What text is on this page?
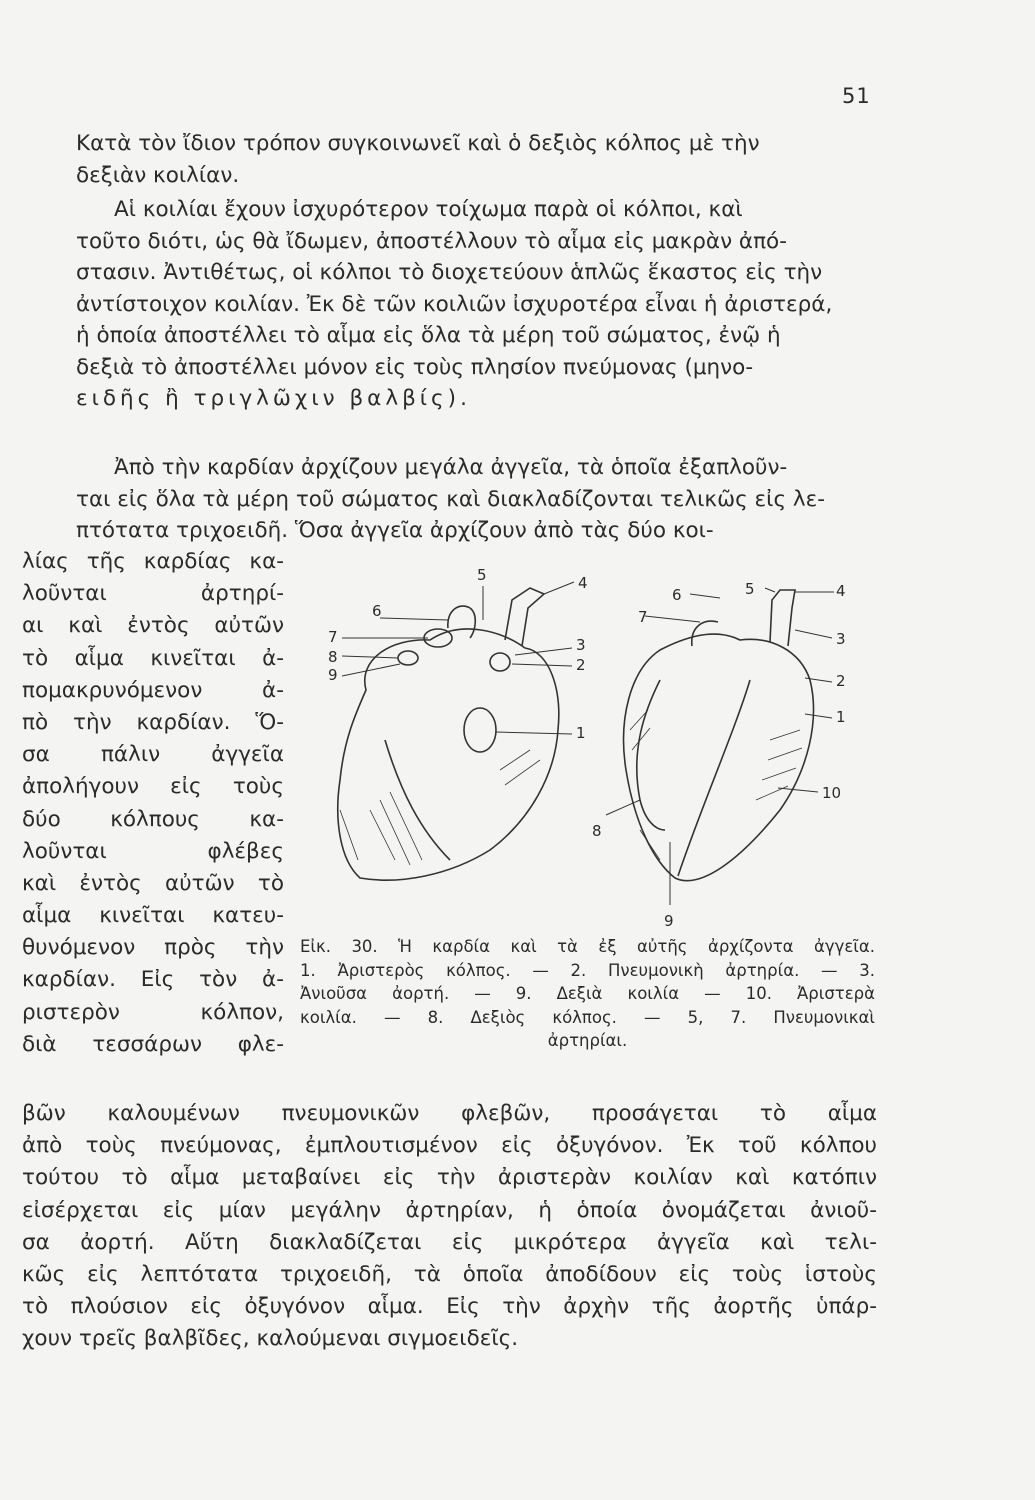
51
Κατὰ τὸν ἴδιον τρόπον συγκοινωνεῖ καὶ ὁ δεξιὸς κόλπος μὲ τὴν
δεξιὰν κοιλίαν.
Αἱ κοιλίαι ἔχουν ἰσχυρότερον τοίχωμα παρὰ οἱ κόλποι, καὶ
τοῦτο διότι, ὡς θὰ ἴδωμεν, ἀποστέλλουν τὸ αἷμα εἰς μακρὰν ἀπό-
στασιν. Ἀντιθέτως, οἱ κόλποι τὸ διοχετεύουν ἁπλῶς ἕκαστος εἰς τὴν
ἀντίστοιχον κοιλίαν. Ἐκ δὲ τῶν κοιλιῶν ἰσχυροτέρα εἶναι ἡ ἀριστερά,
ἡ ὁποία ἀποστέλλει τὸ αἷμα εἰς ὅλα τὰ μέρη τοῦ σώματος, ἐνῷ ἡ
δεξιὰ τὸ ἀποστέλλει μόνον εἰς τοὺς πλησίον πνεύμονας (μηνο-
ειδῆς ἢ τριγλῶχιν βαλβίς).
Ἀπὸ τὴν καρδίαν ἀρχίζουν μεγάλα ἀγγεῖα, τὰ ὁποῖα ἐξαπλοῦν-
ται εἰς ὅλα τὰ μέρη τοῦ σώματος καὶ διακλαδίζονται τελικῶς εἰς λε-
πτότατα τριχοειδῆ. Ὅσα ἀγγεῖα ἀρχίζουν ἀπὸ τὰς δύο κοι-
λίας τῆς καρδίας κα-
λοῦνται ἀρτηρί-
αι καὶ ἐντὸς αὐτῶν
τὸ αἷμα κινεῖται ἀ-
πομακρυνόμενον ἀ-
πὸ τὴν καρδίαν. Ὅ-
σα πάλιν ἀγγεῖα
ἀπολήγουν εἰς τοὺς
δύο κόλπους κα-
λοῦνται φλέβες
καὶ ἐντὸς αὐτῶν τὸ
αἷμα κινεῖται κατευ-
θυνόμενον πρὸς τὴν
καρδίαν. Εἰς τὸν ἀ-
ριστερὸν κόλπον,
διὰ τεσσάρων φλε-
5	4
6
7	3
8	2
9
1
6	5	4
7
3
2
1
10
8
9
Εἰκ. 30. Ἡ καρδία καὶ τὰ ἐξ αὐτῆς ἀρχίζοντα ἀγγεῖα.
1. Ἀριστερὸς κόλπος. — 2. Πνευμονικὴ ἀρτηρία. — 3.
Ἀνιοῦσα ἀορτή. — 9. Δεξιὰ κοιλία — 10. Ἀριστερὰ
κοιλία. — 8. Δεξιὸς κόλπος. — 5, 7. Πνευμονικαὶ
ἀρτηρίαι.
βῶν καλουμένων πνευμονικῶν φλεβῶν, προσάγεται τὸ αἷμα
ἀπὸ τοὺς πνεύμονας, ἐμπλουτισμένον εἰς ὀξυγόνον. Ἐκ τοῦ κόλπου
τούτου τὸ αἷμα μεταβαίνει εἰς τὴν ἀριστερὰν κοιλίαν καὶ κατόπιν
εἰσέρχεται εἰς μίαν μεγάλην ἀρτηρίαν, ἡ ὁποία ὀνομάζεται ἀνιοῦ-
σα ἀορτή. Αὕτη διακλαδίζεται εἰς μικρότερα ἀγγεῖα καὶ τελι-
κῶς εἰς λεπτότατα τριχοειδῆ, τὰ ὁποῖα ἀποδίδουν εἰς τοὺς ἱστοὺς
τὸ πλούσιον εἰς ὀξυγόνον αἷμα. Εἰς τὴν ἀρχὴν τῆς ἀορτῆς ὑπάρ-
χουν τρεῖς βαλβῖδες, καλούμεναι σιγμοειδεῖς.
